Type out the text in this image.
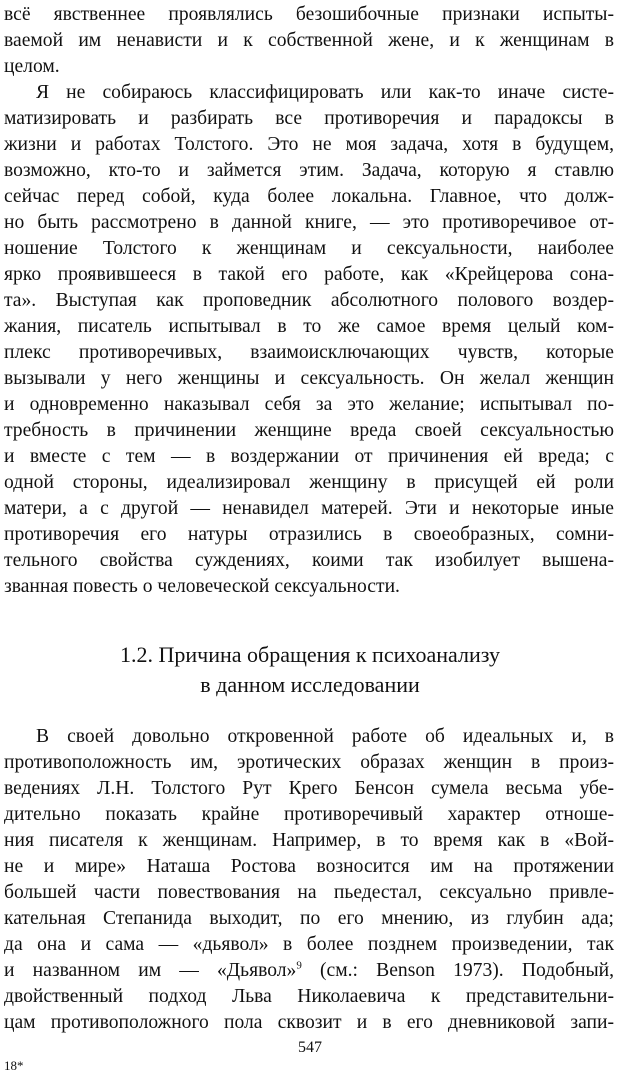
всё явственнее проявлялись безошибочные признаки испыты-
ваемой им ненависти и к собственной жене, и к женщинам в
целом.
Я не собираюсь классифицировать или как-то иначе систе-
матизировать и разбирать все противоречия и парадоксы в
жизни и работах Толстого. Это не моя задача, хотя в будущем,
возможно, кто-то и займется этим. Задача, которую я ставлю
сейчас перед собой, куда более локальна. Главное, что долж-
но быть рассмотрено в данной книге, — это противоречивое от-
ношение Толстого к женщинам и сексуальности, наиболее
ярко проявившееся в такой его работе, как «Крейцерова сона-
та». Выступая как проповедник абсолютного полового воздер-
жания, писатель испытывал в то же самое время целый ком-
плекс противоречивых, взаимоисключающих чувств, которые
вызывали у него женщины и сексуальность. Он желал женщин
и одновременно наказывал себя за это желание; испытывал по-
требность в причинении женщине вреда своей сексуальностью
и вместе с тем — в воздержании от причинения ей вреда; с
одной стороны, идеализировал женщину в присущей ей роли
матери, а с другой — ненавидел матерей. Эти и некоторые иные
противоречия его натуры отразились в своеобразных, сомни-
тельного свойства суждениях, коими так изобилует вышена-
званная повесть о человеческой сексуальности.
1.2. Причина обращения к психоанализу
в данном исследовании
В своей довольно откровенной работе об идеальных и, в
противоположность им, эротических образах женщин в произ-
ведениях Л.Н. Толстого Рут Крего Бенсон сумела весьма убе-
дительно показать крайне противоречивый характер отноше-
ния писателя к женщинам. Например, в то время как в «Вой-
не и мире» Наташа Ростова возносится им на протяжении
большей части повествования на пьедестал, сексуально привле-
кательная Степанида выходит, по его мнению, из глубин ада;
да она и сама — «дьявол» в более позднем произведении, так
и названном им — «Дьявол»$^9$ (см.: Benson 1973). Подобный,
двойственный подход Льва Николаевича к представительни-
цам противоположного пола сквозит и в его дневниковой запи-
547
18*
